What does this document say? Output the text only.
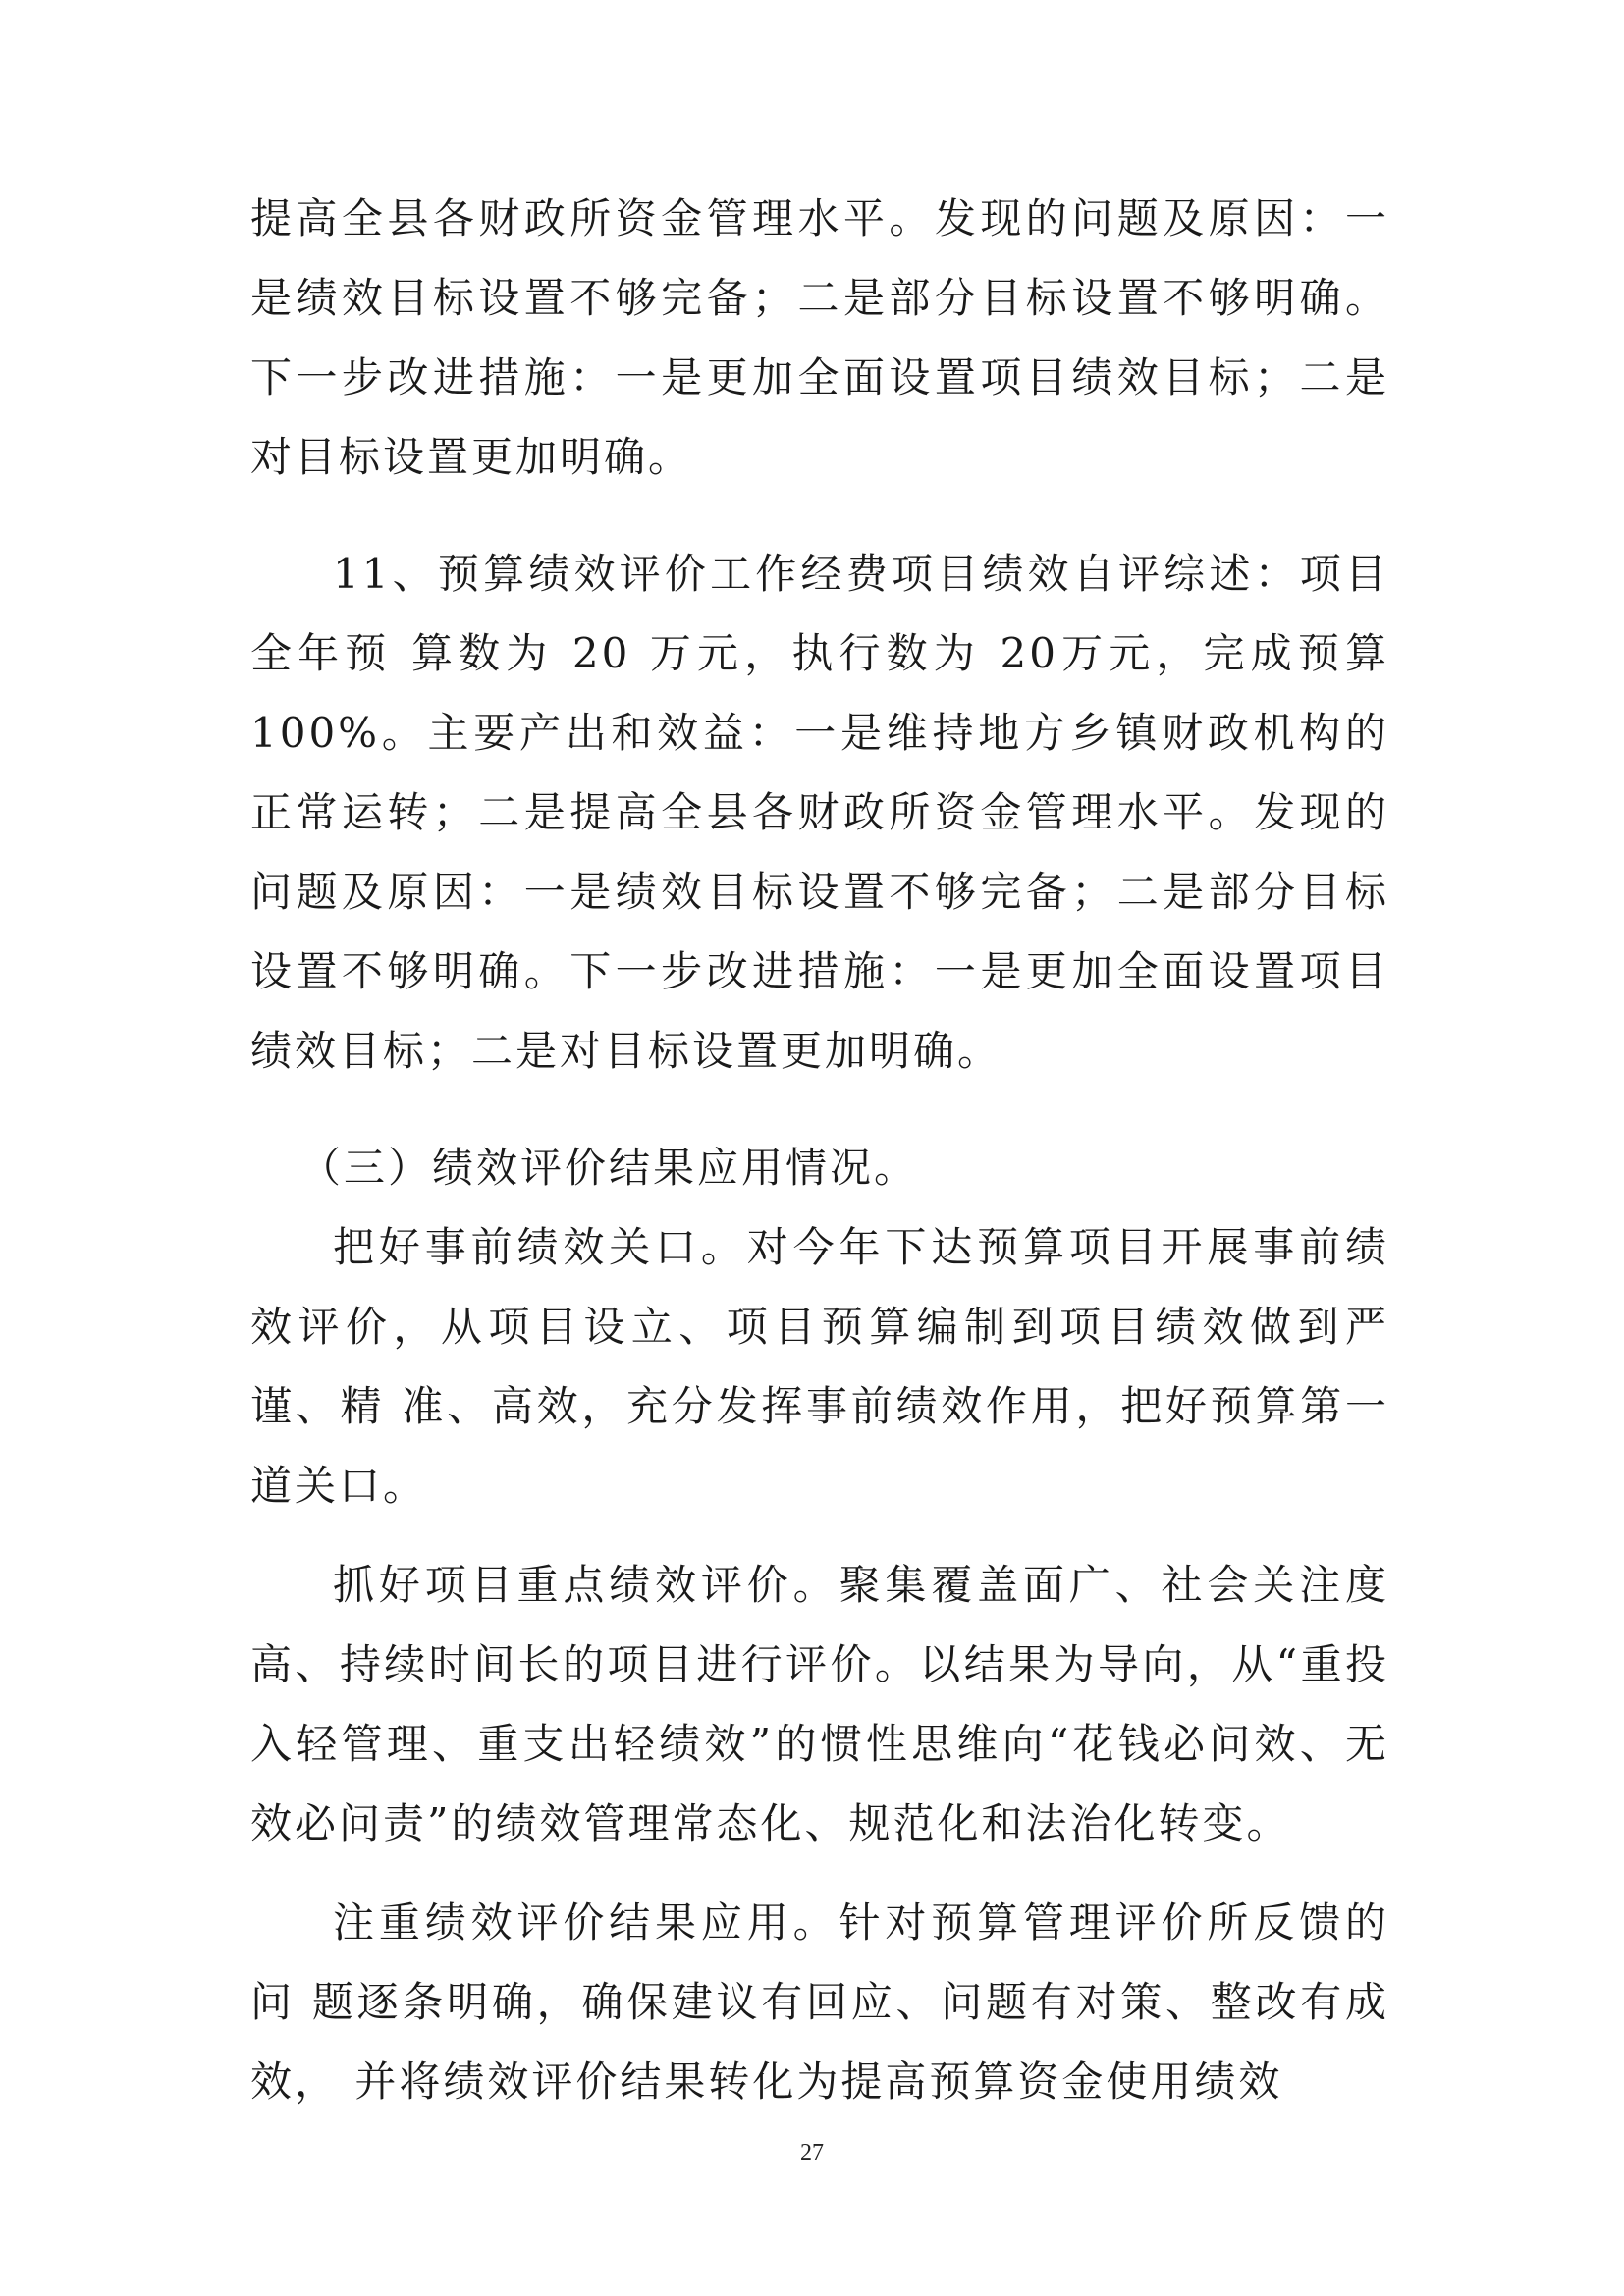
提高全县各财政所资金管理水平。发现的问题及原因：一是绩效目标设置不够完备；二是部分目标设置不够明确。下一步改进措施：一是更加全面设置项目绩效目标；二是对目标设置更加明确。

11、预算绩效评价工作经费项目绩效自评综述：项目全年预 算数为 20 万元，执行数为 20万元，完成预算 100%。主要产出和效益：一是维持地方乡镇财政机构的正常运转；二是提高全县各财政所资金管理水平。发现的问题及原因：一是绩效目标设置不够完备；二是部分目标设置不够明确。下一步改进措施：一是更加全面设置项目绩效目标；二是对目标设置更加明确。

（三）绩效评价结果应用情况。

把好事前绩效关口。对今年下达预算项目开展事前绩效评价，从项目设立、项目预算编制到项目绩效做到严谨、精 准、高效，充分发挥事前绩效作用，把好预算第一道关口。

抓好项目重点绩效评价。聚集覆盖面广、社会关注度高、持续时间长的项目进行评价。以结果为导向，从“重投入轻管理、重支出轻绩效”的惯性思维向“花钱必问效、无效必问责”的绩效管理常态化、规范化和法治化转变。

注重绩效评价结果应用。针对预算管理评价所反馈的问 题逐条明确，确保建议有回应、问题有对策、整改有成效， 并将绩效评价结果转化为提高预算资金使用绩效

27
